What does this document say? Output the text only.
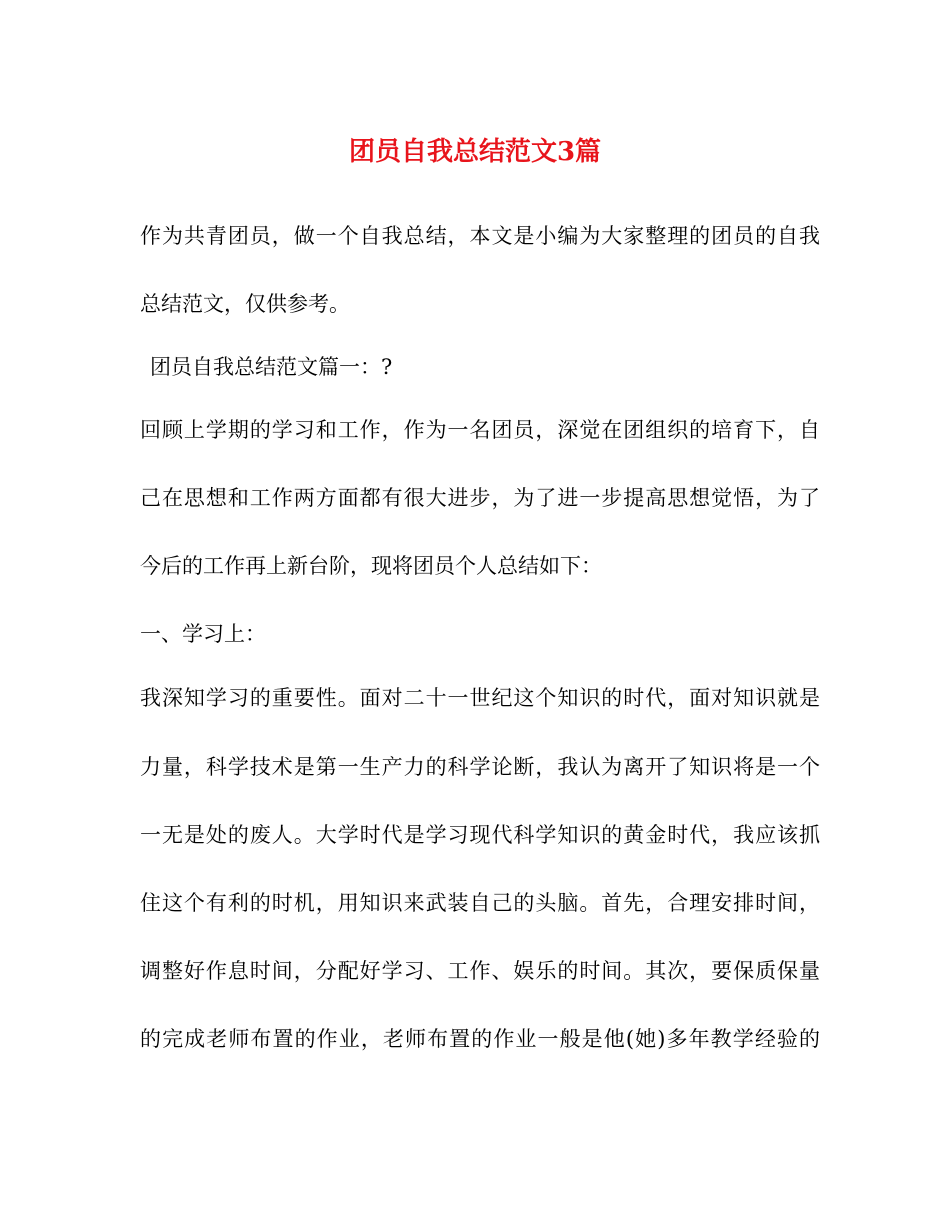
团员自我总结范文3篇
作为共青团员，做一个自我总结，本文是小编为大家整理的团员的自我
总结范文，仅供参考。
团员自我总结范文篇一：?
回顾上学期的学习和工作，作为一名团员，深觉在团组织的培育下，自
己在思想和工作两方面都有很大进步，为了进一步提高思想觉悟，为了
今后的工作再上新台阶，现将团员个人总结如下：
一、学习上：
我深知学习的重要性。面对二十一世纪这个知识的时代，面对知识就是
力量，科学技术是第一生产力的科学论断，我认为离开了知识将是一个
一无是处的废人。大学时代是学习现代科学知识的黄金时代，我应该抓
住这个有利的时机，用知识来武装自己的头脑。首先，合理安排时间，
调整好作息时间，分配好学习、工作、娱乐的时间。其次，要保质保量
的完成老师布置的作业，老师布置的作业一般是他(她)多年教学经验的
